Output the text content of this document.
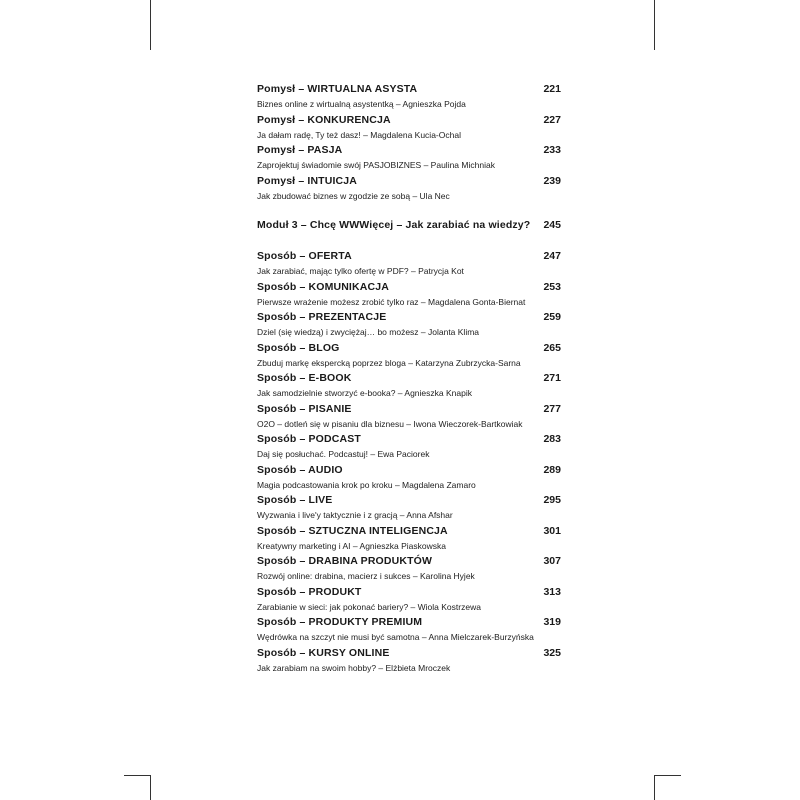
Pomysł – WIRTUALNA ASYSTA	221
Biznes online z wirtualną asystentką – Agnieszka Pojda
Pomysł – KONKURENCJA	227
Ja dałam radę, Ty też dasz! – Magdalena Kucia-Ochal
Pomysł – PASJA	233
Zaprojektuj świadomie swój PASJOBIZNES – Paulina Michniak
Pomysł – INTUICJA	239
Jak zbudować biznes w zgodzie ze sobą – Ula Nec
Moduł 3 – Chcę WWWięcej – Jak zarabiać na wiedzy? 245
Sposób – OFERTA	247
Jak zarabiać, mając tylko ofertę w PDF? – Patrycja Kot
Sposób – KOMUNIKACJA	253
Pierwsze wrażenie możesz zrobić tylko raz – Magdalena Gonta-Biernat
Sposób – PREZENTACJE	259
Dziel (się wiedzą) i zwyciężaj… bo możesz – Jolanta Klima
Sposób – BLOG	265
Zbuduj markę ekspercką poprzez bloga – Katarzyna Zubrzycka-Sarna
Sposób – E-BOOK	271
Jak samodzielnie stworzyć e-booka? – Agnieszka Knapik
Sposób – PISANIE	277
O2O – dotleń się w pisaniu dla biznesu – Iwona Wieczorek-Bartkowiak
Sposób – PODCAST	283
Daj się posłuchać. Podcastuj! – Ewa Paciorek
Sposób – AUDIO	289
Magia podcastowania krok po kroku – Magdalena Zamaro
Sposób – LIVE	295
Wyzwania i live'y taktycznie i z gracją – Anna Afshar
Sposób – SZTUCZNA INTELIGENCJA	301
Kreatywny marketing i AI – Agnieszka Piaskowska
Sposób – DRABINA PRODUKTÓW	307
Rozwój online: drabina, macierz i sukces – Karolina Hyjek
Sposób – PRODUKT	313
Zarabianie w sieci: jak pokonać bariery? – Wiola Kostrzewa
Sposób – PRODUKTY PREMIUM	319
Wędrówka na szczyt nie musi być samotna – Anna Mielczarek-Burzyńska
Sposób – KURSY ONLINE	325
Jak zarabiam na swoim hobby? – Elżbieta Mroczek
